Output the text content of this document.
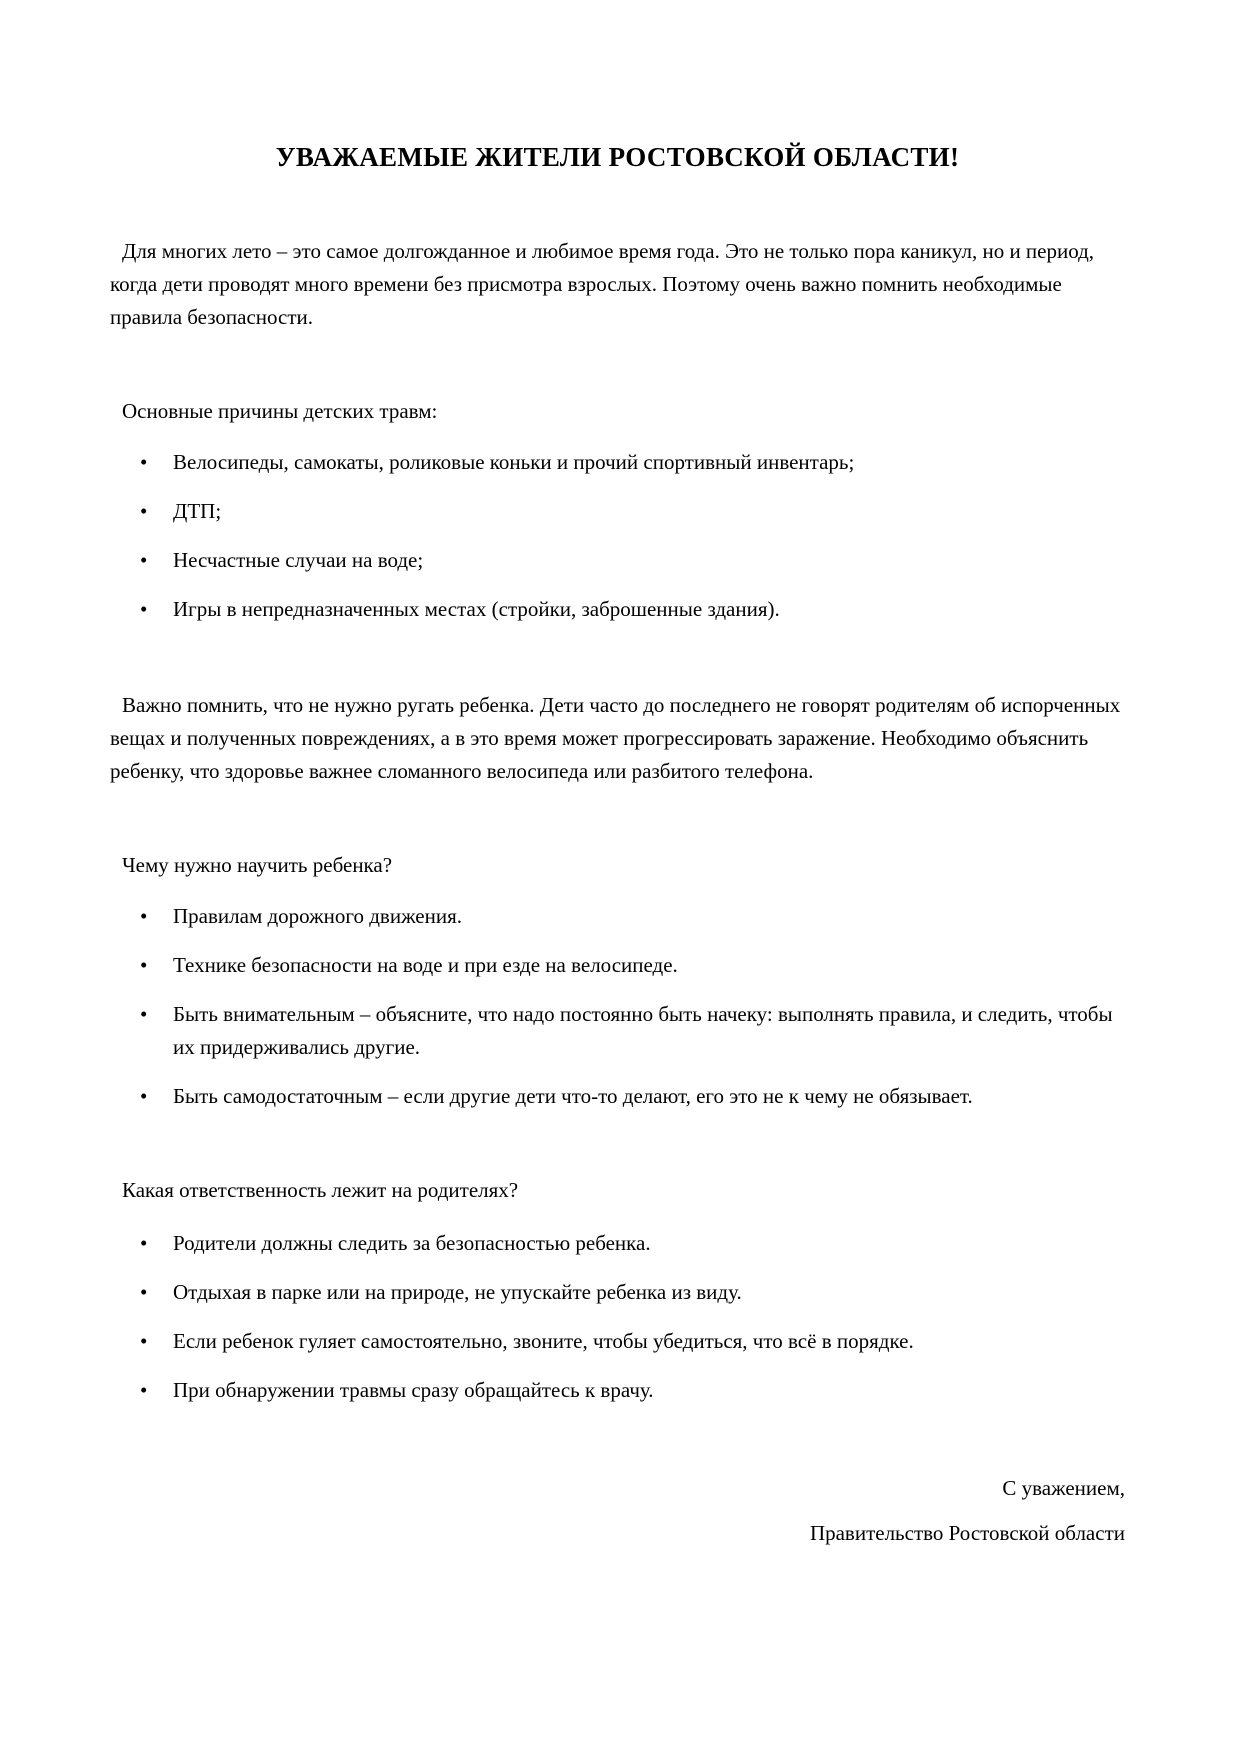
УВАЖАЕМЫЕ ЖИТЕЛИ РОСТОВСКОЙ ОБЛАСТИ!

Для многих лето – это самое долгожданное и любимое время года. Это не только пора каникул, но и период, когда дети проводят много времени без присмотра взрослых. Поэтому очень важно помнить необходимые правила безопасности.

Основные причины детских травм:

• Велосипеды, самокаты, роликовые коньки и прочий спортивный инвентарь;
• ДТП;
• Несчастные случаи на воде;
• Игры в непредназначенных местах (стройки, заброшенные здания).

Важно помнить, что не нужно ругать ребенка. Дети часто до последнего не говорят родителям об испорченных вещах и полученных повреждениях, а в это время может прогрессировать заражение. Необходимо объяснить ребенку, что здоровье важнее сломанного велосипеда или разбитого телефона.

Чему нужно научить ребенка?

• Правилам дорожного движения.
• Технике безопасности на воде и при езде на велосипеде.
• Быть внимательным – объясните, что надо постоянно быть начеку: выполнять правила, и следить, чтобы их придерживались другие.
• Быть самодостаточным – если другие дети что-то делают, его это не к чему не обязывает.

Какая ответственность лежит на родителях?

• Родители должны следить за безопасностью ребенка.
• Отдыхая в парке или на природе, не упускайте ребенка из виду.
• Если ребенок гуляет самостоятельно, звоните, чтобы убедиться, что всё в порядке.
• При обнаружении травмы сразу обращайтесь к врачу.

С уважением,

Правительство Ростовской области
